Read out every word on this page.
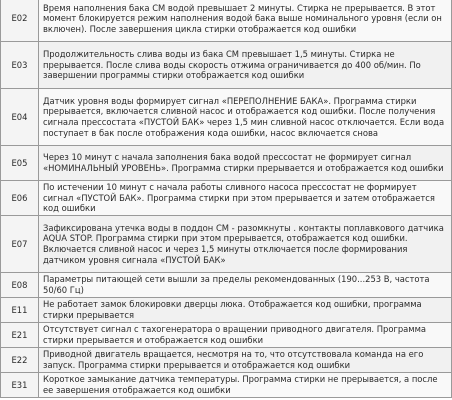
E02	Время наполнения бака СМ водой превышает 2 минуты. Стирка не прерывается. В этот момент блокируется режим наполнения водой бака выше номинального уровня (если он включен). После завершения цикла стирки отображается код ошибки
E03	Продолжительность слива воды из бака СМ превышает 1,5 минуты. Стирка не прерывается. После слива воды скорость отжима ограничивается до 400 об/мин. По завершении программы стирки отображается код ошибки
E04	Датчик уровня воды формирует сигнал «ПЕРЕПОЛНЕНИЕ БАКА». Программа стирки прерывается, включается сливной насос и отображается код ошибки. После получения сигнала прессостата «ПУСТОЙ БАК» через 1,5 мин сливной насос отключается. Если вода поступает в бак после отображения кода ошибки, насос включается снова
E05	Через 10 минут с начала заполнения бака водой прессостат не формирует сигнал «НОМИНАЛЬНЫЙ УРОВЕНЬ». Программа стирки прерывается и отображается код ошибки
E06	По истечении 10 минут с начала работы сливного насоса прессостат не формирует сигнал «ПУСТОЙ БАК». Программа стирки при этом прерывается и затем отображается код ошибки
E07	Зафиксирована утечка воды в поддон СМ - разомкнуты . контакты поплавкового датчика AQUA STOP. Программа стирки при этом прерывается, отображается код ошибки. Включается сливной насос и через 1,5 минуты отключается после формирования датчиком уровня сигнала «ПУСТОЙ БАК»
E08	Параметры питающей сети вышли за пределы рекомендованных (190...253 В, частота 50/60 Гц)
E11	Не работает замок блокировки дверцы люка. Отображается код ошибки, программа стирки прерывается
E21	Отсутствует сигнал с тахогенератора о вращении приводного двигателя. Программа стирки прерывается и отображается код ошибки
E22	Приводной двигатель вращается, несмотря на то, что отсутствовала команда на его запуск. Программа стирки прерывается и отображается код ошибки
E31	Короткое замыкание датчика температуры. Программа стирки не прерывается, а после ее завершения отображается код ошибки
